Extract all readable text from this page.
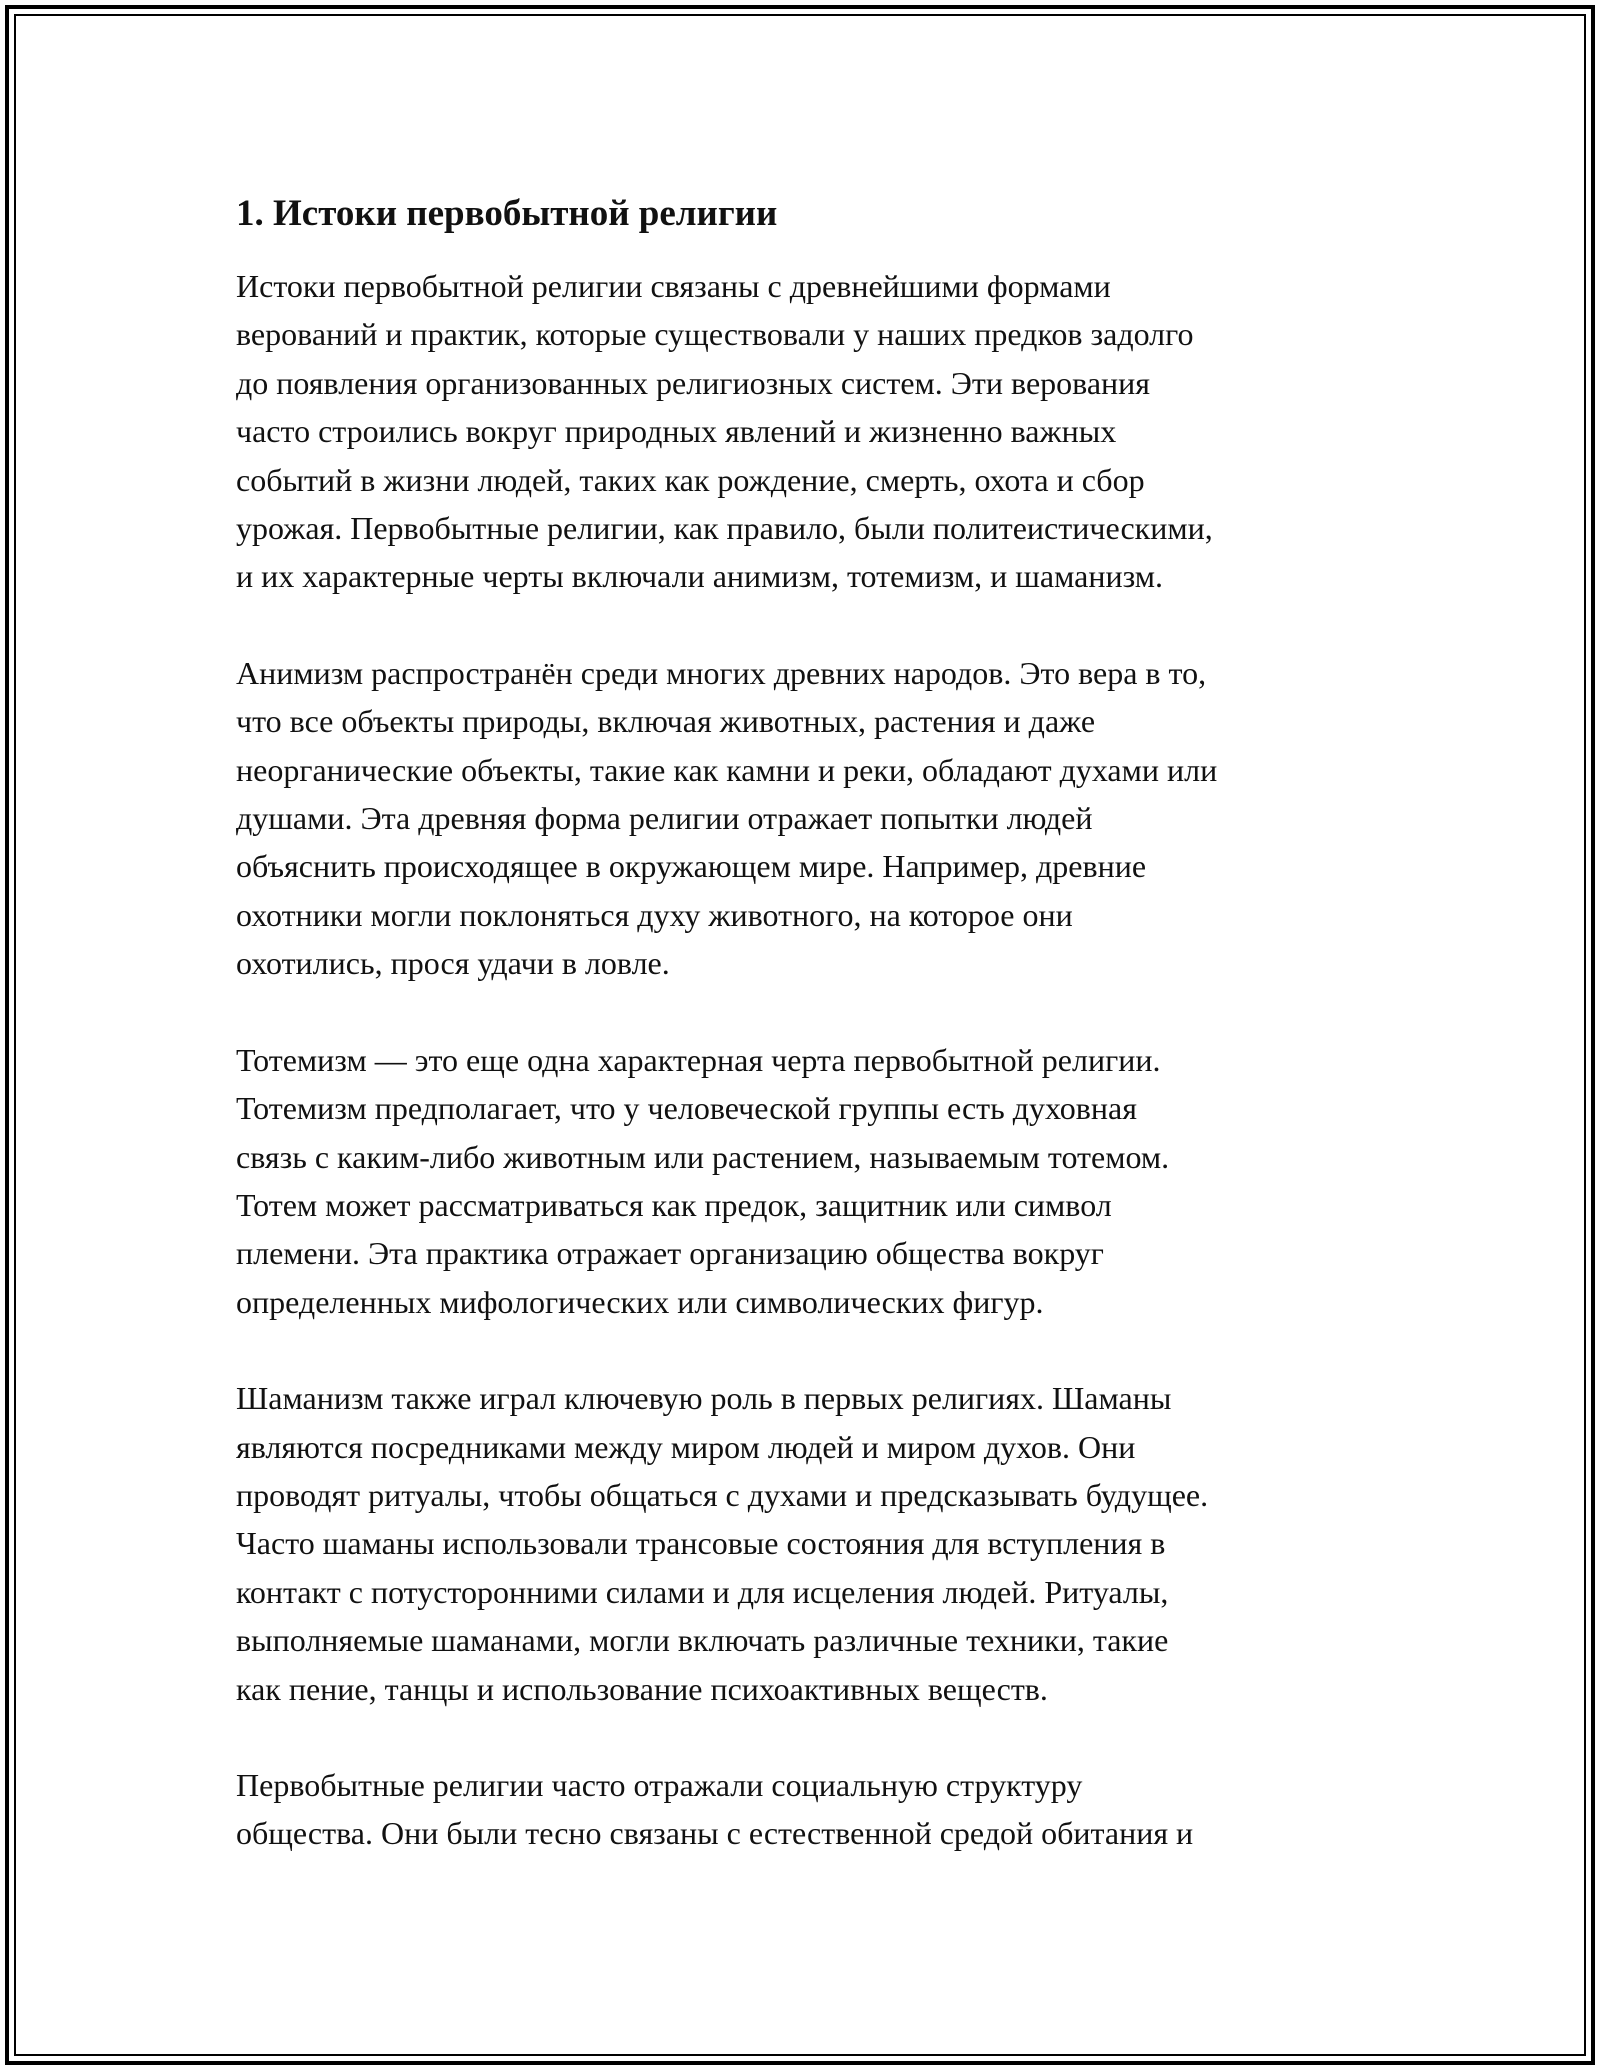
1. Истоки первобытной религии
Истоки первобытной религии связаны с древнейшими формами
верований и практик, которые существовали у наших предков задолго
до появления организованных религиозных систем. Эти верования
часто строились вокруг природных явлений и жизненно важных
событий в жизни людей, таких как рождение, смерть, охота и сбор
урожая. Первобытные религии, как правило, были политеистическими,
и их характерные черты включали анимизм, тотемизм, и шаманизм.
Анимизм распространён среди многих древних народов. Это вера в то,
что все объекты природы, включая животных, растения и даже
неорганические объекты, такие как камни и реки, обладают духами или
душами. Эта древняя форма религии отражает попытки людей
объяснить происходящее в окружающем мире. Например, древние
охотники могли поклоняться духу животного, на которое они
охотились, прося удачи в ловле.
Тотемизм — это еще одна характерная черта первобытной религии.
Тотемизм предполагает, что у человеческой группы есть духовная
связь с каким-либо животным или растением, называемым тотемом.
Тотем может рассматриваться как предок, защитник или символ
племени. Эта практика отражает организацию общества вокруг
определенных мифологических или символических фигур.
Шаманизм также играл ключевую роль в первых религиях. Шаманы
являются посредниками между миром людей и миром духов. Они
проводят ритуалы, чтобы общаться с духами и предсказывать будущее.
Часто шаманы использовали трансовые состояния для вступления в
контакт с потусторонними силами и для исцеления людей. Ритуалы,
выполняемые шаманами, могли включать различные техники, такие
как пение, танцы и использование психоактивных веществ.
Первобытные религии часто отражали социальную структуру
общества. Они были тесно связаны с естественной средой обитания и
